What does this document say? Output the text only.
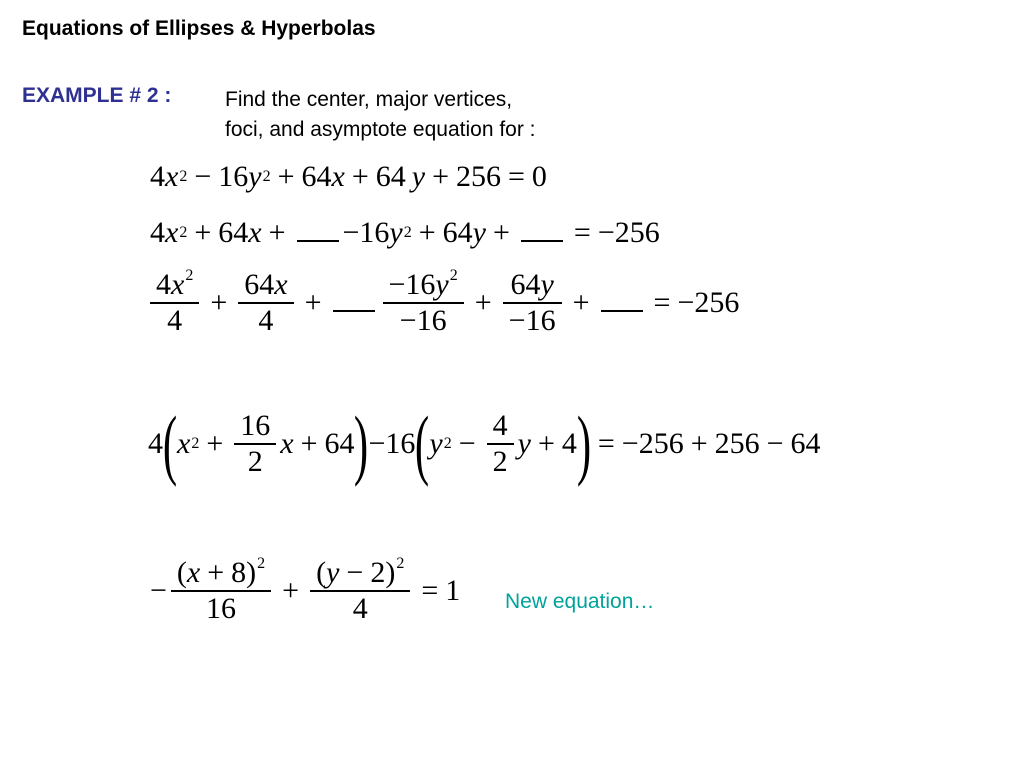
Equations of Ellipses & Hyperbolas
EXAMPLE # 2 :	Find the center, major vertices,
foci, and asymptote equation for :
4 x 2 − 16 y 2 + 64 x + 64 y + 256 = 0
4 x 2 + 64 x + −16 y 2 + 64 y + = −256
$\frac{4x^2}{4} + \frac{64x}{4} + \frac{-16y^2}{-16} + \frac{64y}{-16}$ + = −256
4 ( x $2 + \frac{16}{2}$ x + 64 ) −16 ( y $2 - \frac{4}{2}$ y + 4 ) = −256 + 256 − 64
− $\frac{(x + 8)^2}{16} + \frac{(y - 2)^2}{4} = 1$ New equation…
